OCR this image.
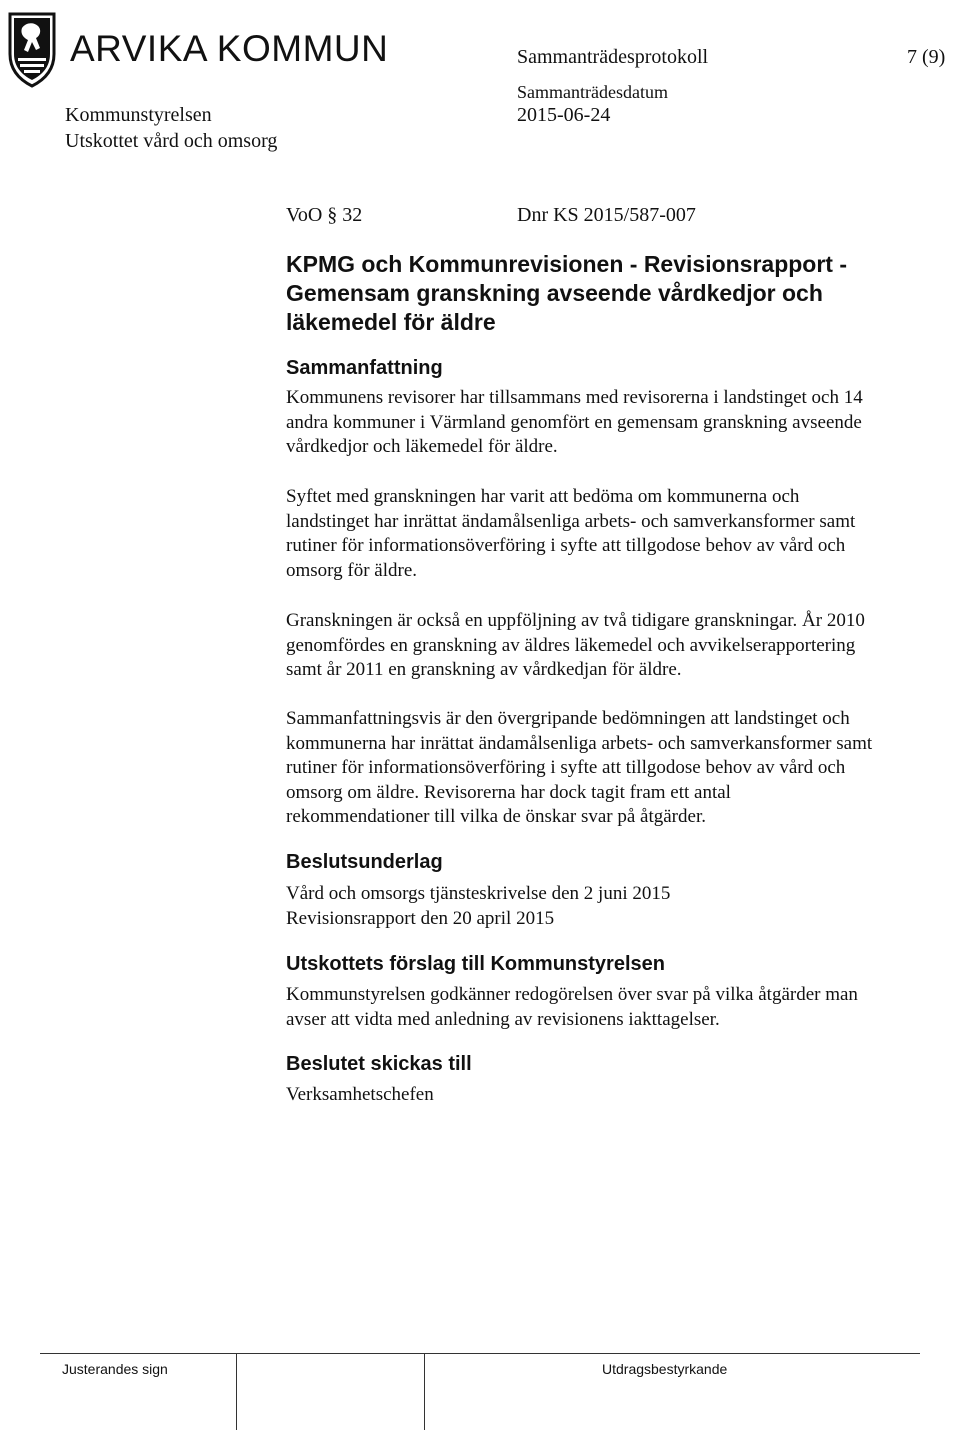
ARVIKA KOMMUN	Sammanträdesprotokoll	7 (9)
Sammanträdesdatum
Kommunstyrelsen	2015-06-24
Utskottet vård och omsorg
VoO § 32	Dnr KS 2015/587-007
KPMG och Kommunrevisionen - Revisionsrapport -
Gemensam granskning avseende vårdkedjor och
läkemedel för äldre
Sammanfattning
Kommunens revisorer har tillsammans med revisorerna i landstinget och 14
andra kommuner i Värmland genomfört en gemensam granskning avseende
vårdkedjor och läkemedel för äldre.
Syftet med granskningen har varit att bedöma om kommunerna och
landstinget har inrättat ändamålsenliga arbets- och samverkansformer samt
rutiner för informationsöverföring i syfte att tillgodose behov av vård och
omsorg för äldre.
Granskningen är också en uppföljning av två tidigare granskningar. År 2010
genomfördes en granskning av äldres läkemedel och avvikelserapportering
samt år 2011 en granskning av vårdkedjan för äldre.
Sammanfattningsvis är den övergripande bedömningen att landstinget och
kommunerna har inrättat ändamålsenliga arbets- och samverkansformer samt
rutiner för informationsöverföring i syfte att tillgodose behov av vård och
omsorg om äldre. Revisorerna har dock tagit fram ett antal
rekommendationer till vilka de önskar svar på åtgärder.
Beslutsunderlag
Vård och omsorgs tjänsteskrivelse den 2 juni 2015
Revisionsrapport den 20 april 2015
Utskottets förslag till Kommunstyrelsen
Kommunstyrelsen godkänner redogörelsen över svar på vilka åtgärder man
avser att vidta med anledning av revisionens iakttagelser.
Beslutet skickas till
Verksamhetschefen
Justerandes sign	Utdragsbestyrkande
